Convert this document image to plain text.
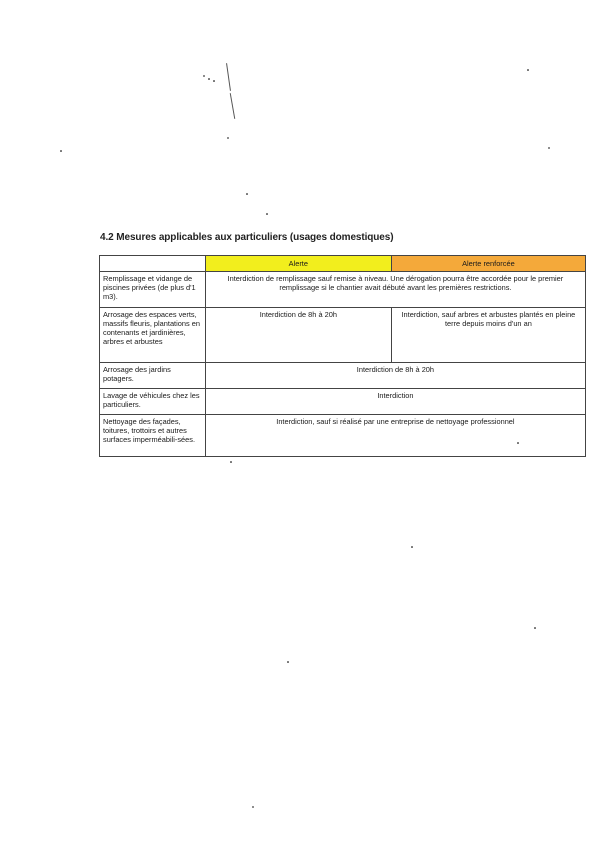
4.2 Mesures applicables aux particuliers (usages domestiques)
	Alerte	Alerte renforcée
Remplissage et vidange de piscines privées (de plus d'1 m3).	Interdiction de remplissage sauf remise à niveau. Une dérogation pourra être accordée pour le premier remplissage si le chantier avait débuté avant les premières restrictions.	
Arrosage des espaces verts, massifs fleuris, plantations en contenants et jardinières, arbres et arbustes	Interdiction de 8h à 20h	Interdiction, sauf arbres et arbustes plantés en pleine terre depuis moins d'un an
Arrosage des jardins potagers.	Interdiction de 8h à 20h	
Lavage de véhicules chez les particuliers.	Interdiction	
Nettoyage des façades, toitures, trottoirs et autres surfaces imperméabili-sées.	Interdiction, sauf si réalisé par une entreprise de nettoyage professionnel	
